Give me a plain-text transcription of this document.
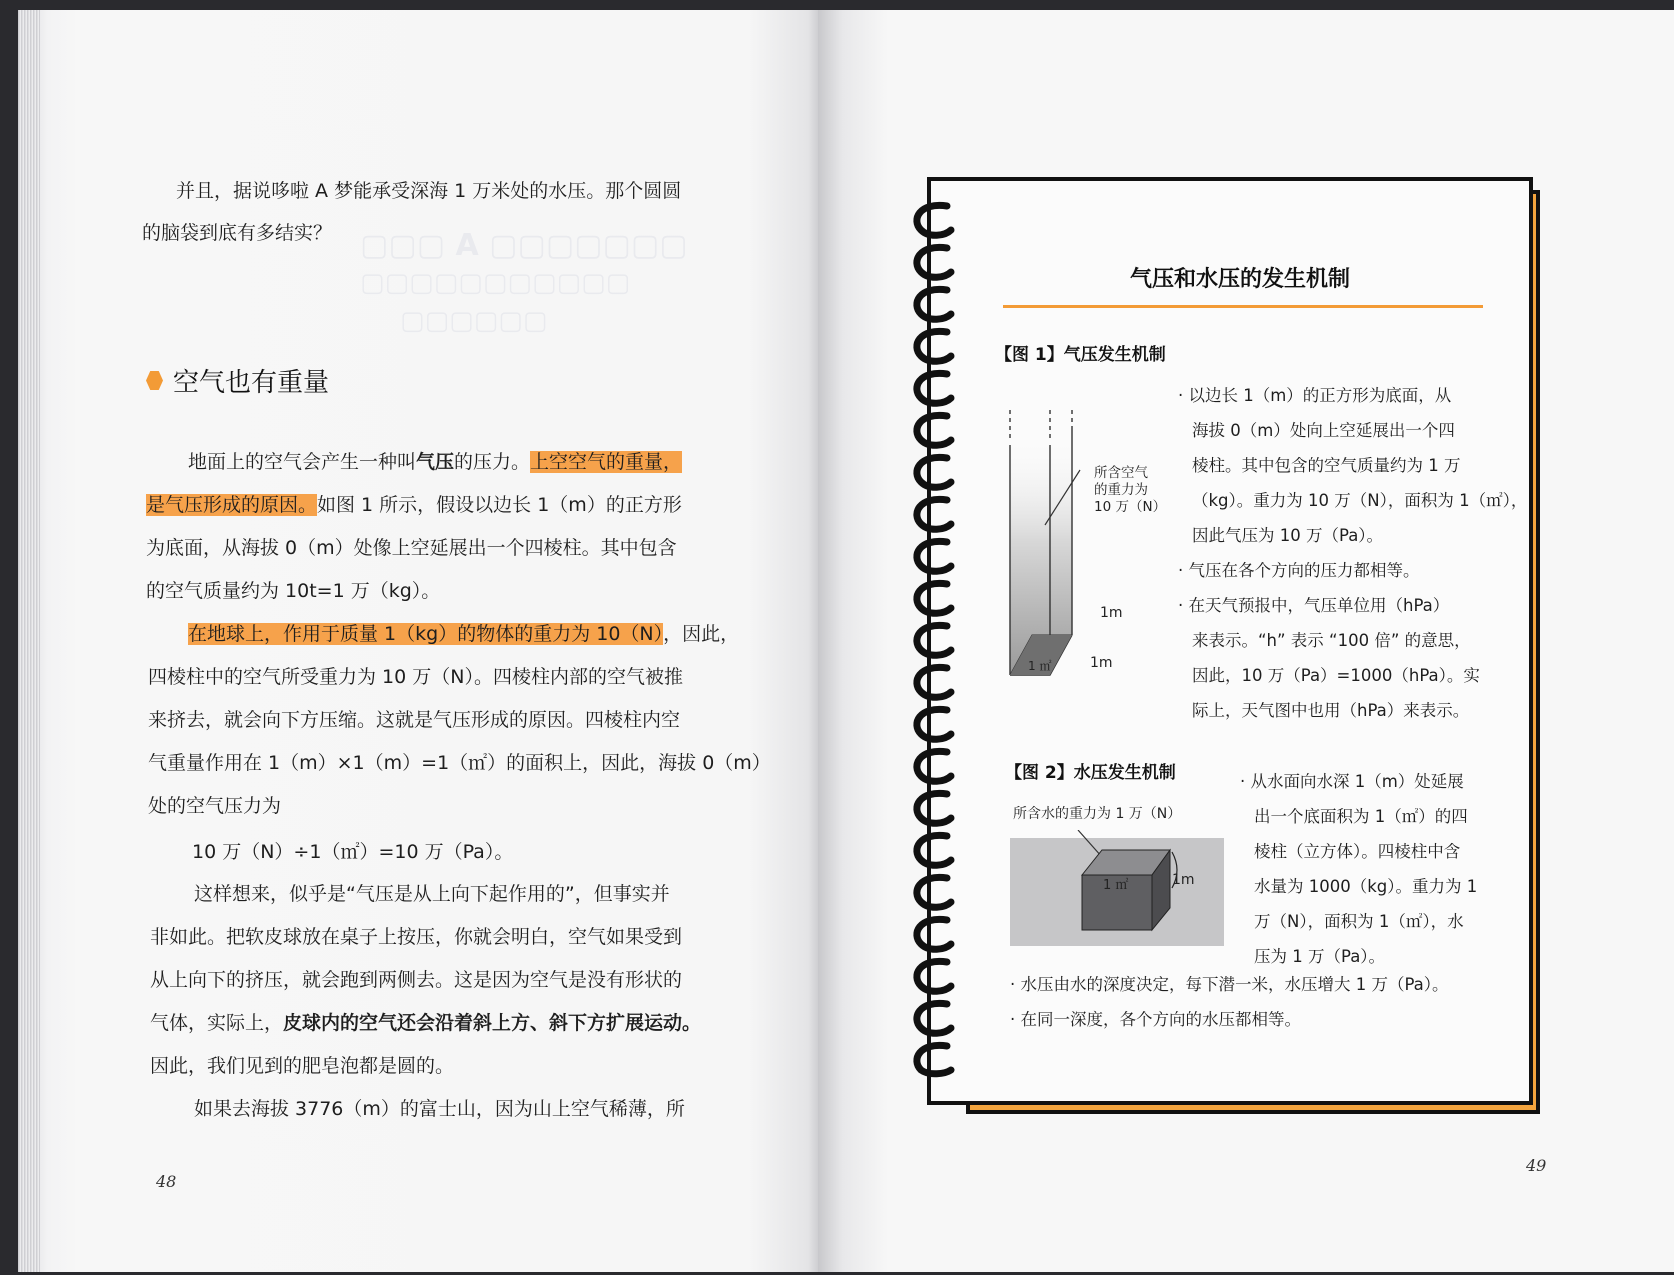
并且，据说哆啦 A 梦能承受深海 1 万米处的水压。那个圆圆

的脑袋到底有多结实？

空气也有重量

地面上的空气会产生一种叫气压的压力。上空空气的重量，

是气压形成的原因。如图 1 所示，假设以边长 1（m）的正方形

为底面，从海拔 0（m）处像上空延展出一个四棱柱。其中包含

的空气质量约为 10t=1 万（kg）。

在地球上，作用于质量 1（kg）的物体的重力为 10（N），因此，

四棱柱中的空气所受重力为 10 万（N）。四棱柱内部的空气被推

来挤去，就会向下方压缩。这就是气压形成的原因。四棱柱内空

气重量作用在 1（m）×1（m）=1（㎡）的面积上，因此，海拔 0（m）

处的空气压力为

10 万（N）÷1（㎡）=10 万（Pa）。

这样想来，似乎是“气压是从上向下起作用的”，但事实并

非如此。把软皮球放在桌子上按压，你就会明白，空气如果受到

从上向下的挤压，就会跑到两侧去。这是因为空气是没有形状的

气体，实际上，皮球内的空气还会沿着斜上方、斜下方扩展运动。

因此，我们见到的肥皂泡都是圆的。

如果去海拔 3776（m）的富士山，因为山上空气稀薄，所

48
气压和水压的发生机制
【图 1】气压发生机制
所含空气
的重力为
10 万（N）
1m
1m
1 ㎡
· 以边长 1（m）的正方形为底面，从
海拔 0（m）处向上空延展出一个四
棱柱。其中包含的空气质量约为 1 万
（kg）。重力为 10 万（N），面积为 1（㎡），
因此气压为 10 万（Pa）。
· 气压在各个方向的压力都相等。
· 在天气预报中，气压单位用（hPa）
来表示。“h” 表示 “100 倍” 的意思，
因此，10 万（Pa）=1000（hPa）。实
际上，天气图中也用（hPa）来表示。
【图 2】水压发生机制
所含水的重力为 1 万（N）
1 ㎡	1m
· 从水面向水深 1（m）处延展
出一个底面积为 1（㎡）的四
棱柱（立方体）。四棱柱中含
水量为 1000（kg）。重力为 1
万（N），面积为 1（㎡），水
压为 1 万（Pa）。
· 水压由水的深度决定，每下潜一米，水压增大 1 万（Pa）。
· 在同一深度，各个方向的水压都相等。
49
